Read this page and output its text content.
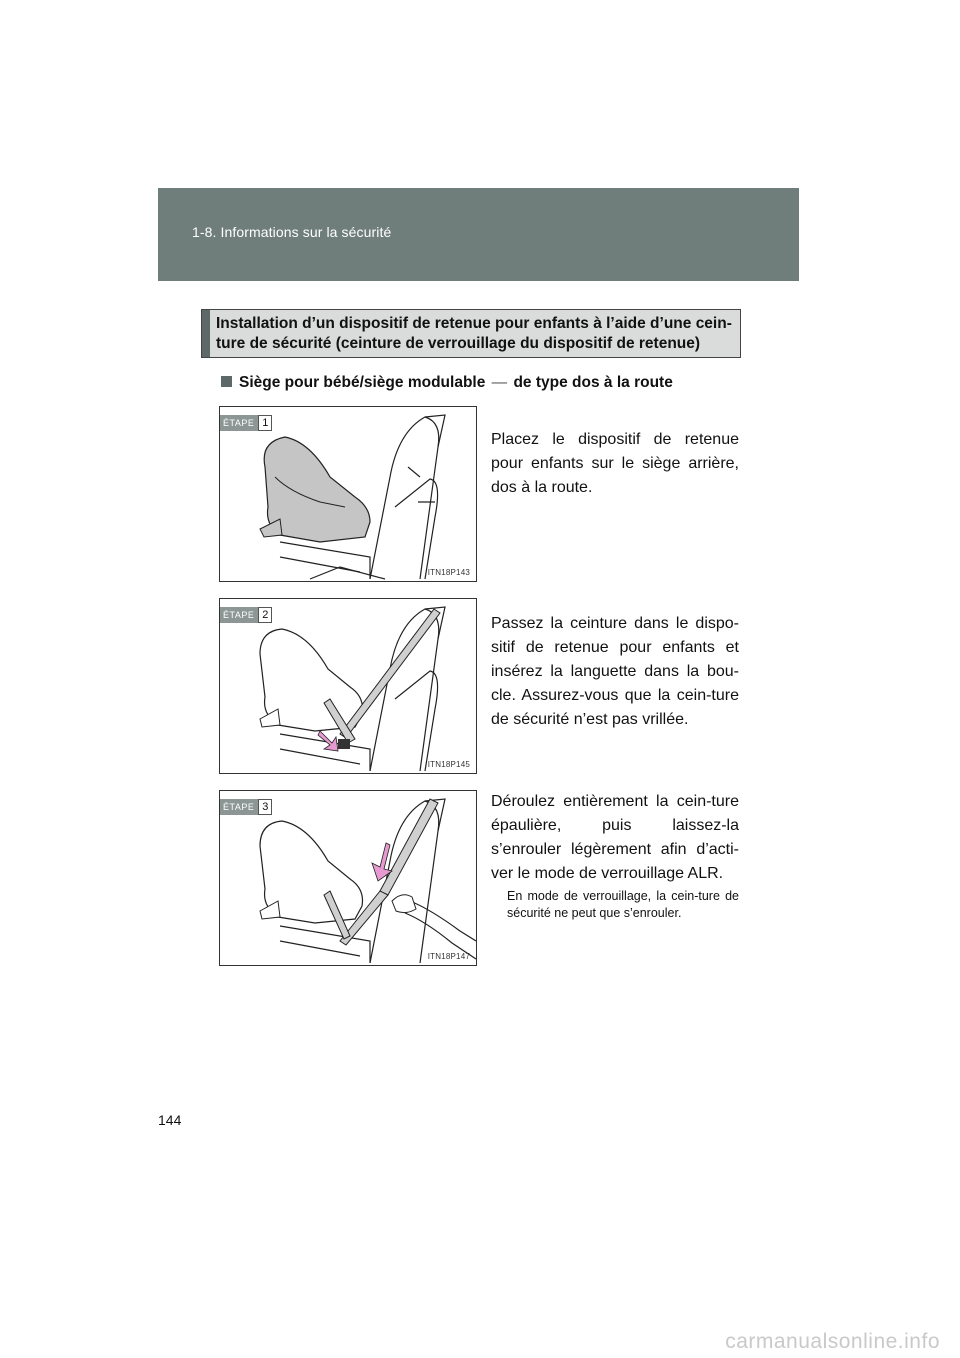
1-8. Informations sur la sécurité
Installation d’un dispositif de retenue pour enfants à l’aide d’une cein-
ture de sécurité (ceinture de verrouillage du dispositif de retenue)
Siège pour bébé/siège modulable — de type dos à la route
ÉTAPE 1
ITN18P143
Placez le dispositif de retenue pour enfants sur le siège arrière, dos à la route.
ÉTAPE 2
ITN18P145
Passez la ceinture dans le dispo-sitif de retenue pour enfants et insérez la languette dans la bou-cle. Assurez-vous que la cein-ture de sécurité n’est pas vrillée.
ÉTAPE 3
ITN18P147
Déroulez entièrement la cein-ture épaulière, puis laissez-la s’enrouler légèrement afin d’acti-ver le mode de verrouillage ALR.
En mode de verrouillage, la cein-ture de sécurité ne peut que s’enrouler.
144
carmanualsonline.info
